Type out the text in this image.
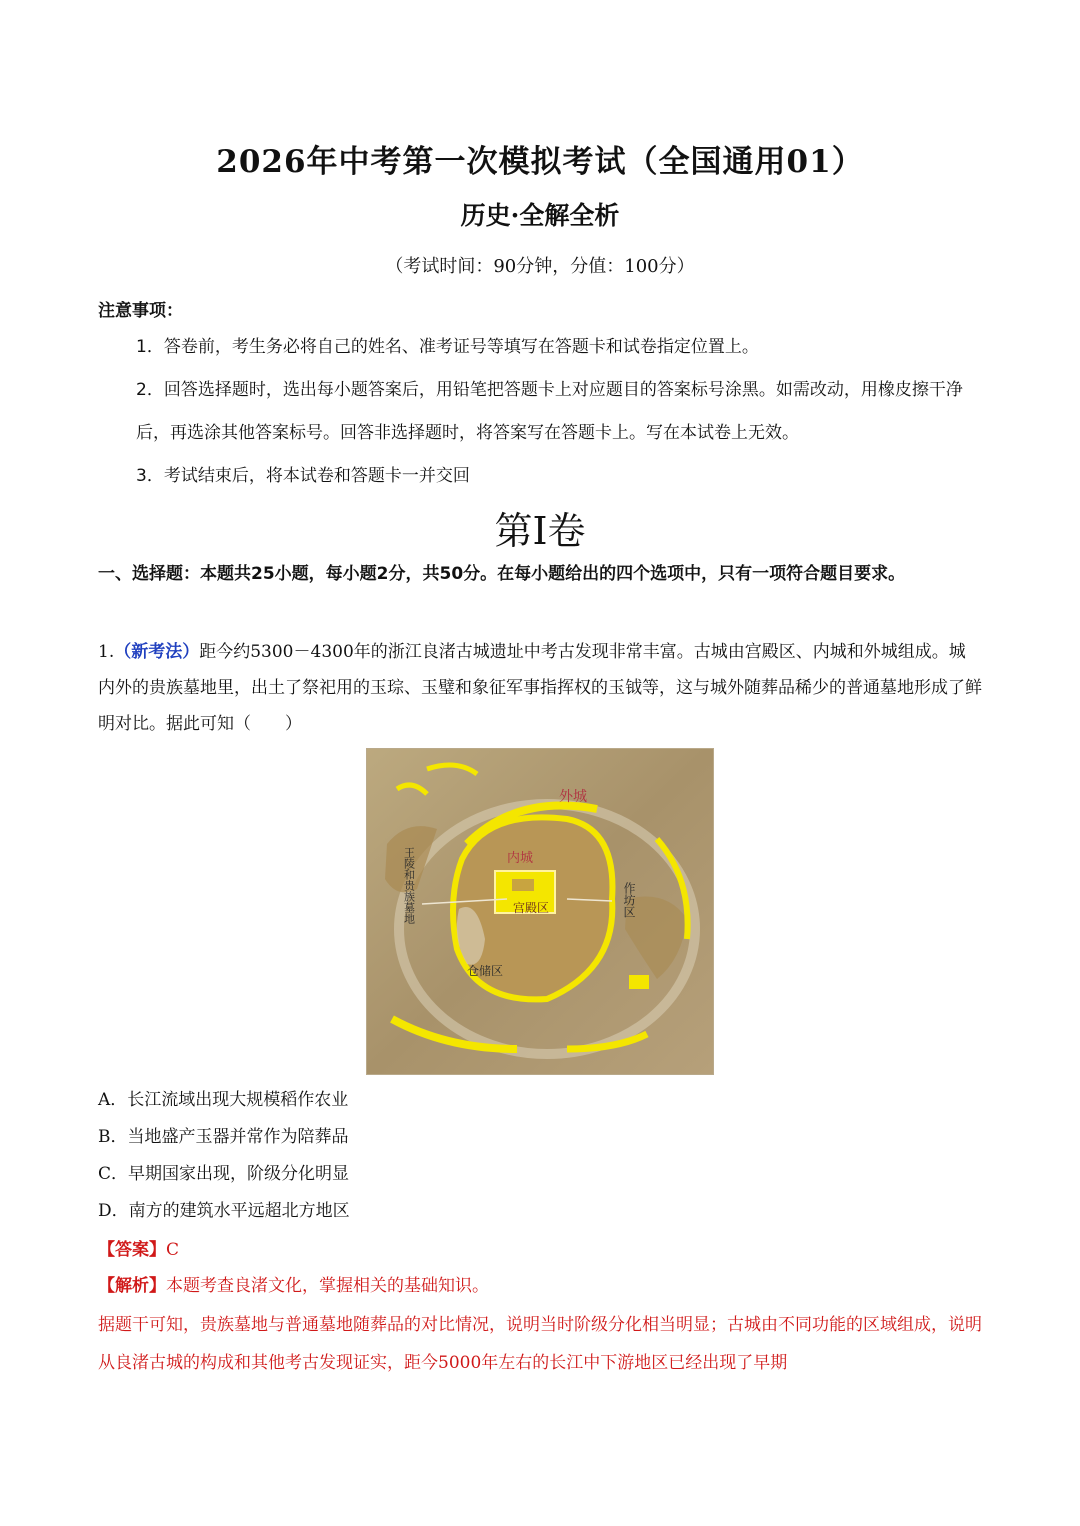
2026年中考第一次模拟考试（全国通用01）
历史·全解全析
（考试时间：90分钟，分值：100分）
注意事项：
1．答卷前，考生务必将自己的姓名、准考证号等填写在答题卡和试卷指定位置上。
2．回答选择题时，选出每小题答案后，用铅笔把答题卡上对应题目的答案标号涂黑。如需改动，用橡皮擦干净后，再选涂其他答案标号。回答非选择题时，将答案写在答题卡上。写在本试卷上无效。
3．考试结束后，将本试卷和答题卡一并交回
第Ⅰ卷
一、选择题：本题共25小题，每小题2分，共50分。在每小题给出的四个选项中，只有一项符合题目要求。
1.（新考法）距今约5300－4300年的浙江良渚古城遗址中考古发现非常丰富。古城由宫殿区、内城和外城组成。城内外的贵族墓地里，出土了祭祀用的玉琮、玉璧和象征军事指挥权的玉钺等，这与城外随葬品稀少的普通墓地形成了鲜明对比。据此可知（　　）
外城
内城
宫殿区
仓储区
作坊区
王陵和贵族墓地
A．长江流域出现大规模稻作农业
B．当地盛产玉器并常作为陪葬品
C．早期国家出现，阶级分化明显
D．南方的建筑水平远超北方地区
【答案】C
【解析】本题考查良渚文化，掌握相关的基础知识。
据题干可知，贵族墓地与普通墓地随葬品的对比情况，说明当时阶级分化相当明显；古城由不同功能的区域组成，说明从良渚古城的构成和其他考古发现证实，距今5000年左右的长江中下游地区已经出现了早期
